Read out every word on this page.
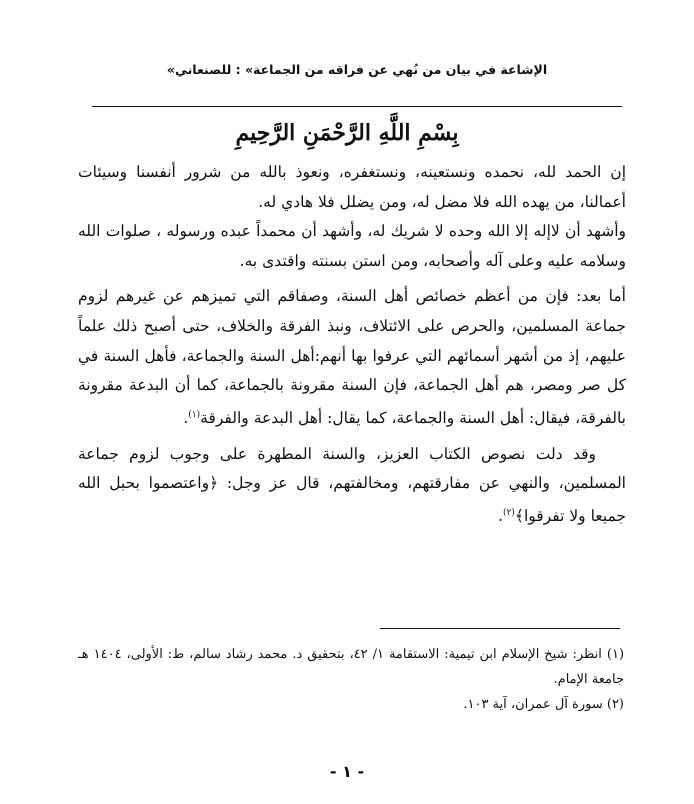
«الإشاعة في بيان من نُهي عن فراقه من الجماعة» : للصنعاني
بِسْمِ اللَّهِ الرَّحْمَنِ الرَّحِيمِ

إن الحمد لله، نحمده ونستعينه، ونستغفره، ونعوذ بالله من شرور أنفسنا وسيئات أعمالنا، من يهده الله فلا مضل له، ومن يضلل فلا هادي له.

وأشهد أن لاإله إلا الله وحده لا شريك له، وأشهد أن محمداً عبده ورسوله ، صلوات الله وسلامه عليه وعلى آله وأصحابه، ومن استن بسنته واقتدى به.

أما بعد: فإن من أعظم خصائص أهل السنة، وصفاقم التي تميزهم عن غيرهم لزوم جماعة المسلمين، والحرص على الائتلاف، ونبذ الفرقة والخلاف، حتى أصبح ذلك علماً عليهم، إذ من أشهر أسمائهم التي عرفوا بها أنهم:أهل السنة والجماعة، فأهل السنة في كل صر ومصر، هم أهل الجماعة، فإن السنة مقرونة بالجماعة، كما أن البدعة مقرونة بالفرقة، فيقال: أهل السنة والجماعة، كما يقال: أهل البدعة والفرقة$^{(١)}$.

وقد دلت نصوص الكتاب العزيز، والسنة المطهرة على وجوب لزوم جماعة المسلمين، والنهي عن مفارقتهم، ومخالفتهم، قال عز وجل: ﴿واعتصموا بحبل الله جميعا ولا تفرقوا﴾$^{(٢)}$.

(١) انظر: شيخ الإسلام ابن تيمية: الاستقامة ١/ ٤٢، بتحقيق د. محمد رشاد سالم، ط: الأولى، ١٤٠٤ هـ جامعة الإمام.

(٢) سورة آل عمران، آية ١٠٣.

- ١ -
